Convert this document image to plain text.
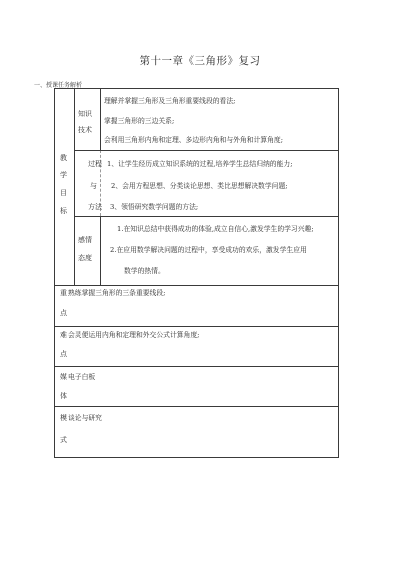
第十一章《三角形》复习
一、授课任务解析
教
学
目
标
知识
技术
理解并掌握三角形及三角形重要线段的看法;
掌握三角形的三边关系;
会利用三角形内角和定理、多边形内角和与外角和计算角度;
过程
与
方法
1、让学生经历成立知识系统的过程,培养学生总结归纳的能力;
2、会用方程思想、分类谈论思想、类比思想解决数学问题;
3、领悟研究数学问题的方法;
感情
态度
1.在知识总结中获得成功的体验,成立自信心,激发学生的学习兴趣;
2.在应用数学解决问题的过程中，享受成功的欢乐，激发学生应用
数学的热情。
重 熟练掌握三角形的三条重要线段;
点
难 会灵便运用内角和定理和外交公式计算角度;
点
媒 电子白板
体
模 谈论与研究
式
